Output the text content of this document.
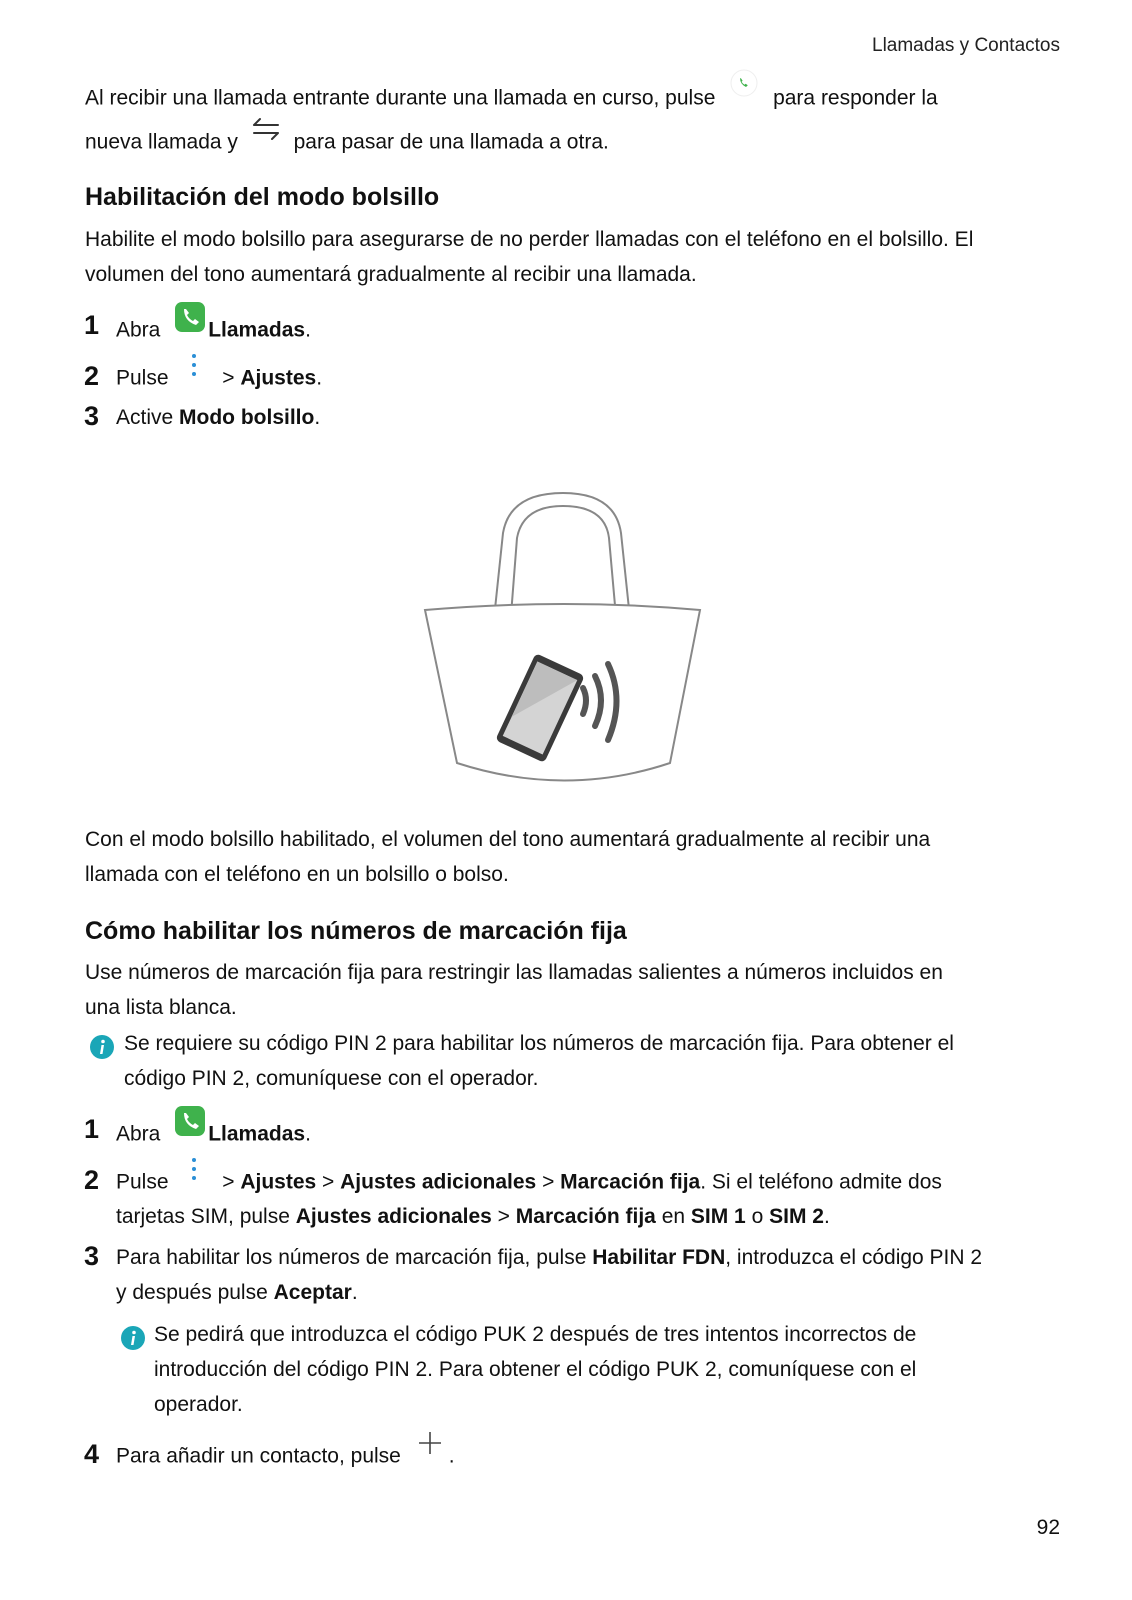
Llamadas y Contactos
Al recibir una llamada entrante durante una llamada en curso, pulse	para responder la
nueva llamada y	para pasar de una llamada a otra.
Habilitación del modo bolsillo
Habilite el modo bolsillo para asegurarse de no perder llamadas con el teléfono en el bolsillo. El
volumen del tono aumentará gradualmente al recibir una llamada.
1 Abra Llamadas.
2 Pulse	> Ajustes.
3 Active Modo bolsillo.
Con el modo bolsillo habilitado, el volumen del tono aumentará gradualmente al recibir una
llamada con el teléfono en un bolsillo o bolso.
Cómo habilitar los números de marcación fija
Use números de marcación fija para restringir las llamadas salientes a números incluidos en
una lista blanca.
Se requiere su código PIN 2 para habilitar los números de marcación fija. Para obtener el
código PIN 2, comuníquese con el operador.
1 Abra Llamadas.
2 Pulse	> Ajustes > Ajustes adicionales > Marcación fija. Si el teléfono admite dos
tarjetas SIM, pulse Ajustes adicionales > Marcación fija en SIM 1 o SIM 2.
3 Para habilitar los números de marcación fija, pulse Habilitar FDN, introduzca el código PIN 2
y después pulse Aceptar.
Se pedirá que introduzca el código PUK 2 después de tres intentos incorrectos de
introducción del código PIN 2. Para obtener el código PUK 2, comuníquese con el
operador.
4 Para añadir un contacto, pulse .
92
